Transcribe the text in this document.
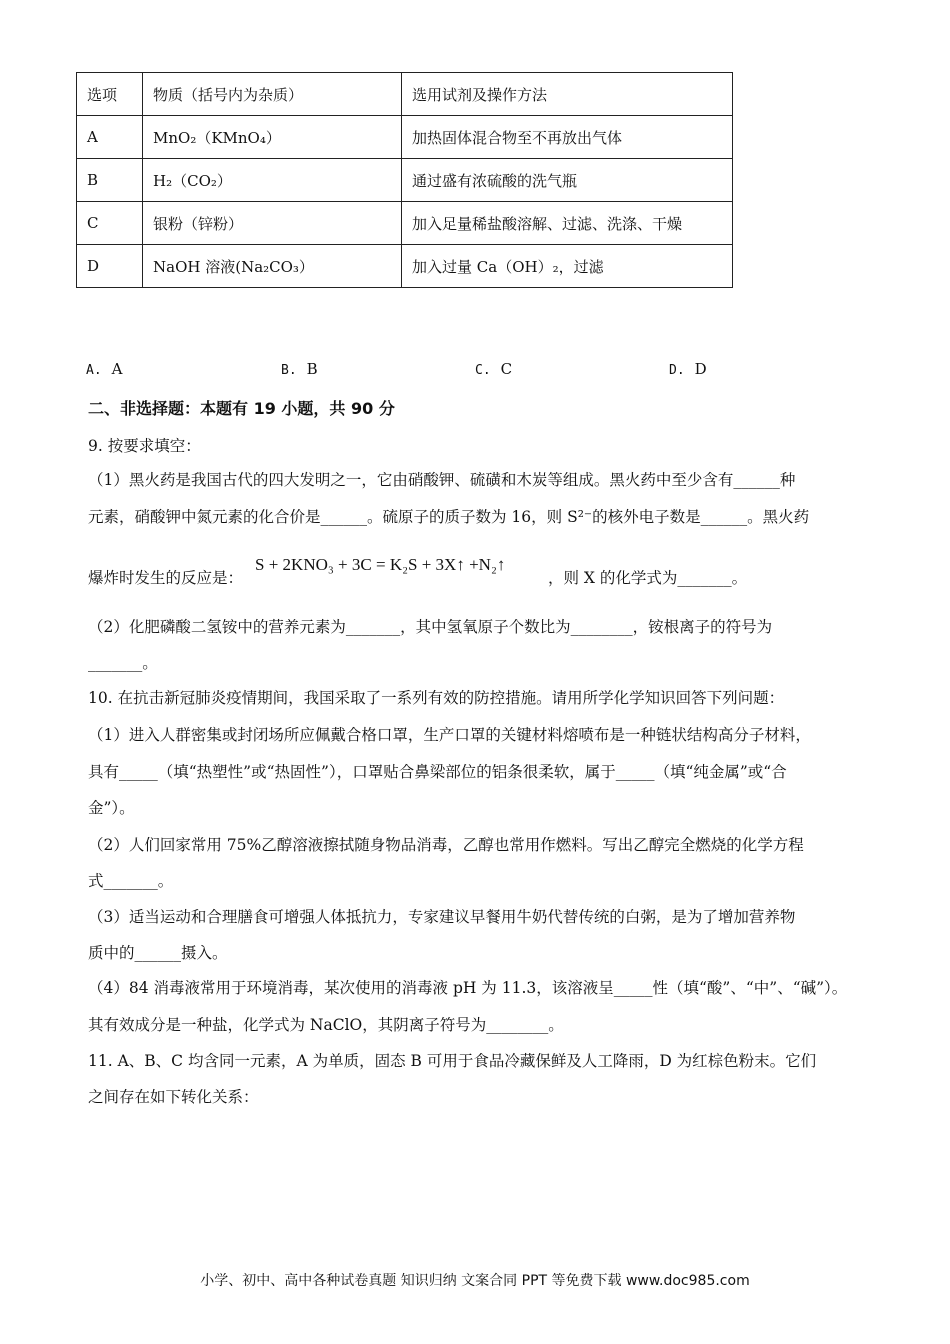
选项	物质（括号内为杂质）	选用试剂及操作方法
A	MnO₂（KMnO₄）	加热固体混合物至不再放出气体
B	H₂（CO₂）	通过盛有浓硫酸的洗气瓶
C	银粉（锌粉）	加入足量稀盐酸溶解、过滤、洗涤、干燥
D	NaOH 溶液(Na₂CO₃）	加入过量 Ca（OH）₂，过滤
A. A	B. B	C. C	D. D
二、非选择题：本题有 19 小题，共 90 分
9. 按要求填空：
（1）黑火药是我国古代的四大发明之一，它由硝酸钾、硫磺和木炭等组成。黑火药中至少含有______种
元素，硝酸钾中氮元素的化合价是______。硫原子的质子数为 16，则 S²⁻的核外电子数是______。黑火药
爆炸时发生的反应是：
S + 2KNO₃ + 3C = K₂S + 3X↑ +N₂↑
，则 X 的化学式为_______。
（2）化肥磷酸二氢铵中的营养元素为_______，其中氢氧原子个数比为________，铵根离子的符号为
_______。
10. 在抗击新冠肺炎疫情期间，我国采取了一系列有效的防控措施。请用所学化学知识回答下列问题：
（1）进入人群密集或封闭场所应佩戴合格口罩，生产口罩的关键材料熔喷布是一种链状结构高分子材料，
具有_____（填“热塑性”或“热固性”），口罩贴合鼻梁部位的铝条很柔软，属于_____（填“纯金属”或“合
金”）。
（2）人们回家常用 75%乙醇溶液擦拭随身物品消毒，乙醇也常用作燃料。写出乙醇完全燃烧的化学方程
式_______。
（3）适当运动和合理膳食可增强人体抵抗力，专家建议早餐用牛奶代替传统的白粥，是为了增加营养物
质中的______摄入。
（4）84 消毒液常用于环境消毒，某次使用的消毒液 pH 为 11.3，该溶液呈_____性（填“酸”、“中”、“碱”）。
其有效成分是一种盐，化学式为 NaClO，其阴离子符号为________。
11. A、B、C 均含同一元素，A 为单质，固态 B 可用于食品冷藏保鲜及人工降雨，D 为红棕色粉末。它们
之间存在如下转化关系：
小学、初中、高中各种试卷真题 知识归纳 文案合同 PPT 等免费下载 www.doc985.com
